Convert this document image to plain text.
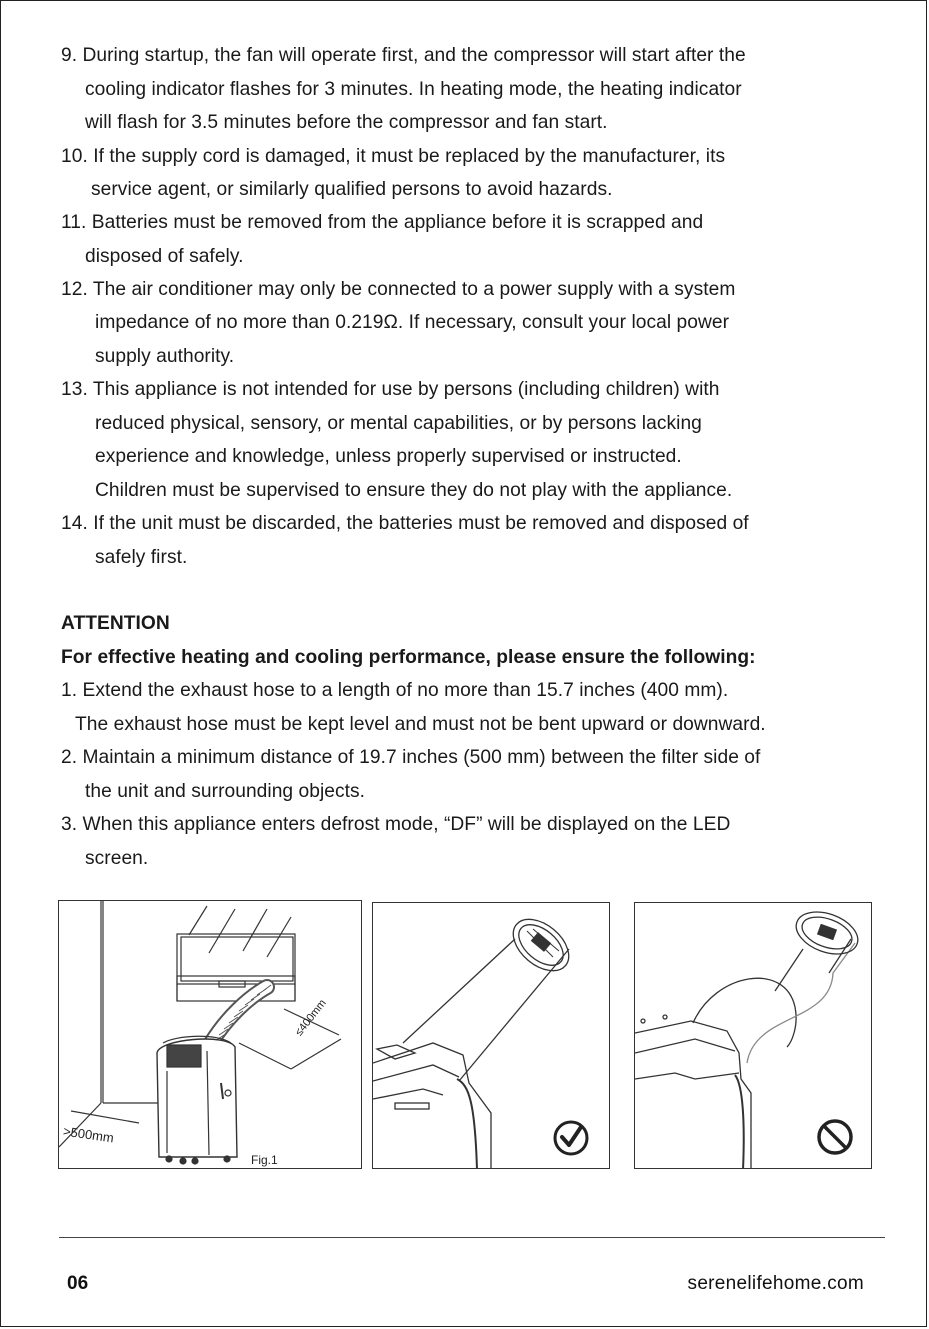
9. During startup, the fan will operate first, and the compressor will start after the
cooling indicator flashes for 3 minutes. In heating mode, the heating indicator
will flash for 3.5 minutes before the compressor and fan start.
10. If the supply cord is damaged, it must be replaced by the manufacturer, its
service agent, or similarly qualified persons to avoid hazards.
11. Batteries must be removed from the appliance before it is scrapped and
disposed of safely.
12. The air conditioner may only be connected to a power supply with a system
impedance of no more than 0.219Ω. If necessary, consult your local power
supply authority.
13. This appliance is not intended for use by persons (including children) with
reduced physical, sensory, or mental capabilities, or by persons lacking
experience and knowledge, unless properly supervised or instructed.
Children must be supervised to ensure they do not play with the appliance.
14. If the unit must be discarded, the batteries must be removed and disposed of
safely first.
ATTENTION
For effective heating and cooling performance, please ensure the following:
1. Extend the exhaust hose to a length of no more than 15.7 inches (400 mm).
The exhaust hose must be kept level and must not be bent upward or downward.
2. Maintain a minimum distance of 19.7 inches (500 mm) between the filter side of
the unit and surrounding objects.
3. When this appliance enters defrost mode, “DF” will be displayed on the LED
screen.
>500mm
≤400mm
Fig.1
06	serenelifehome.com
